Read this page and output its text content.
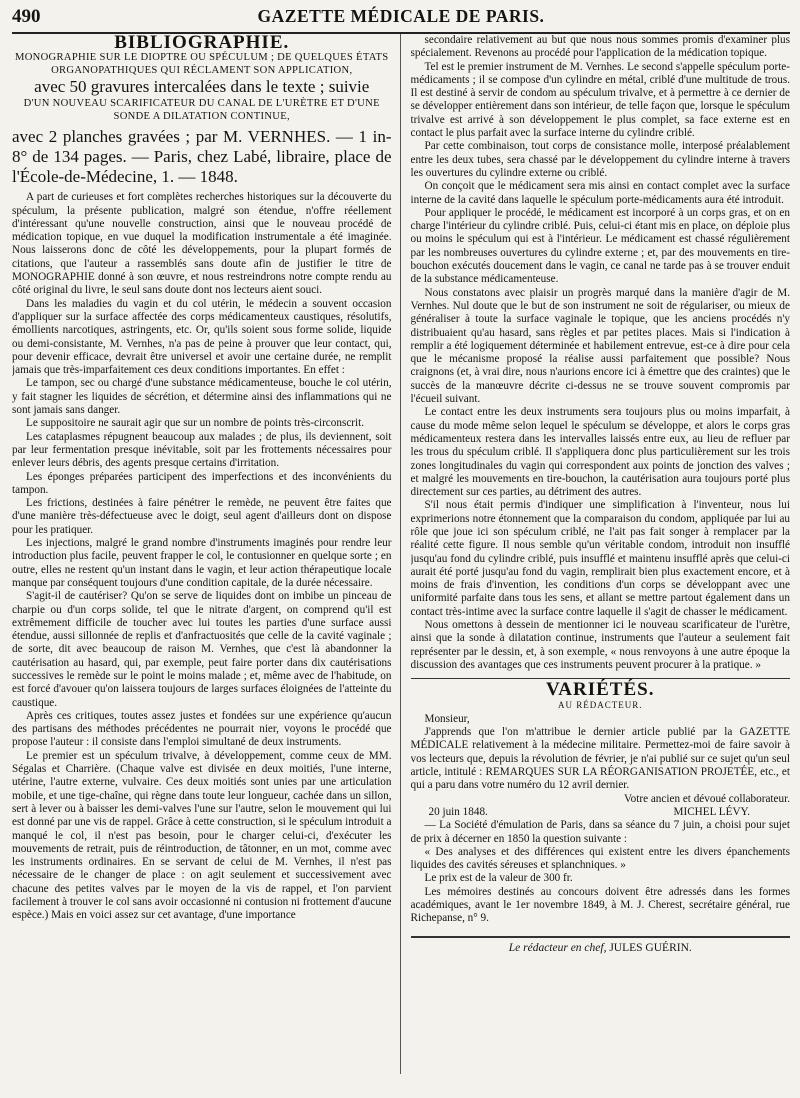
490	GAZETTE MÉDICALE DE PARIS.
BIBLIOGRAPHIE.
MONOGRAPHIE SUR LE DIOPTRE OU SPÉCULUM ; DE QUELQUES ÉTATS ORGANOPATHIQUES QUI RÉCLAMENT SON APPLICATION,
avec 50 gravures intercalées dans le texte ; suivie
D'UN NOUVEAU SCARIFICATEUR DU CANAL DE L'URÈTRE ET D'UNE SONDE A DILATATION CONTINUE,
avec 2 planches gravées ; par M. VERNHES. — 1 in-8° de 134 pages. — Paris, chez Labé, libraire, place de l'École-de-Médecine, 1. — 1848.

A part de curieuses et fort complètes recherches historiques sur la découverte du spéculum, la présente publication, malgré son étendue, n'offre réellement d'intéressant qu'une nouvelle construction, ainsi que le nouveau procédé de médication topique, en vue duquel la modification instrumentale a été imaginée. Nous laisserons donc de côté les développements, pour la plupart formés de citations, que l'auteur a rassemblés sans doute afin de justifier le titre de MONOGRAPHIE donné à son œuvre, et nous restreindrons notre compte rendu au côté original du livre, le seul sans doute dont nos lecteurs aient souci.

Dans les maladies du vagin et du col utérin, le médecin a souvent occasion d'appliquer sur la surface affectée des corps médicamenteux caustiques, résolutifs, émollients narcotiques, astringents, etc. Or, qu'ils soient sous forme solide, liquide ou demi-consistante, M. Vernhes, n'a pas de peine à prouver que leur contact, qui, pour devenir efficace, devrait être universel et avoir une certaine durée, ne remplit jamais que très-imparfaitement ces deux conditions importantes. En effet :

Le tampon, sec ou chargé d'une substance médicamenteuse, bouche le col utérin, y fait stagner les liquides de sécrétion, et détermine ainsi des inflammations qui ne sont jamais sans danger.

Le suppositoire ne saurait agir que sur un nombre de points très-circonscrit.

Les cataplasmes répugnent beaucoup aux malades ; de plus, ils deviennent, soit par leur fermentation presque inévitable, soit par les frottements nécessaires pour enlever leurs débris, des agents presque certains d'irritation.

Les éponges préparées participent des imperfections et des inconvénients du tampon.

Les frictions, destinées à faire pénétrer le remède, ne peuvent être faites que d'une manière très-défectueuse avec le doigt, seul agent d'ailleurs dont on dispose pour les pratiquer.

Les injections, malgré le grand nombre d'instruments imaginés pour rendre leur introduction plus facile, peuvent frapper le col, le contusionner en quelque sorte ; en outre, elles ne restent qu'un instant dans le vagin, et leur action thérapeutique locale manque par conséquent toujours d'une condition capitale, de la durée nécessaire.

S'agit-il de cautériser? Qu'on se serve de liquides dont on imbibe un pinceau de charpie ou d'un corps solide, tel que le nitrate d'argent, on comprend qu'il est extrêmement difficile de toucher avec lui toutes les parties d'une surface aussi étendue, aussi sillonnée de replis et d'anfractuosités que celle de la cavité vaginale ; de sorte, dit avec beaucoup de raison M. Vernhes, que c'est là abandonner la cautérisation au hasard, qui, par exemple, peut faire porter dans dix cautérisations successives le remède sur le point le moins malade ; et, même avec de l'habitude, on est forcé d'avouer qu'on laissera toujours de larges surfaces éloignées de l'atteinte du caustique.

Après ces critiques, toutes assez justes et fondées sur une expérience qu'aucun des partisans des méthodes précédentes ne pourrait nier, voyons le procédé que propose l'auteur : il consiste dans l'emploi simultané de deux instruments.

Le premier est un spéculum trivalve, à développement, comme ceux de MM. Ségalas et Charrière. (Chaque valve est divisée en deux moitiés, l'une interne, utérine, l'autre externe, vulvaire. Ces deux moitiés sont unies par une articulation mobile, et une tige-chaîne, qui règne dans toute leur longueur, cachée dans un sillon, sert à lever ou à baisser les demi-valves l'une sur l'autre, selon le mouvement qui lui est donné par une vis de rappel. Grâce à cette construction, si le spéculum introduit a manqué le col, il n'est pas besoin, pour le charger celui-ci, d'exécuter les mouvements de retrait, puis de réintroduction, de tâtonner, en un mot, comme avec les instruments ordinaires. En se servant de celui de M. Vernhes, il n'est pas nécessaire de le changer de place : on agit seulement et successivement avec chacune des petites valves par le moyen de la vis de rappel, et l'on parvient facilement à trouver le col sans avoir occasionné ni contusion ni frottement d'aucune espèce.) Mais en voici assez sur cet avantage, d'une importance

secondaire relativement au but que nous nous sommes promis d'examiner plus spécialement. Revenons au procédé pour l'application de la médication topique.

Tel est le premier instrument de M. Vernhes. Le second s'appelle spéculum porte-médicaments ; il se compose d'un cylindre en métal, criblé d'une multitude de trous. Il est destiné à servir de condom au spéculum trivalve, et à permettre à ce dernier de se développer entièrement dans son intérieur, de telle façon que, lorsque le spéculum trivalve est arrivé à son développement le plus complet, sa face externe est en contact le plus parfait avec la surface interne du cylindre criblé.

Par cette combinaison, tout corps de consistance molle, interposé préalablement entre les deux tubes, sera chassé par le développement du cylindre interne à travers les ouvertures du cylindre externe ou criblé.

On conçoit que le médicament sera mis ainsi en contact complet avec la surface interne de la cavité dans laquelle le spéculum porte-médicaments aura été introduit.

Pour appliquer le procédé, le médicament est incorporé à un corps gras, et on en charge l'intérieur du cylindre criblé. Puis, celui-ci étant mis en place, on déploie plus ou moins le spéculum qui est à l'intérieur. Le médicament est chassé régulièrement par les nombreuses ouvertures du cylindre externe ; et, par des mouvements en tire-bouchon exécutés doucement dans le vagin, ce canal ne tarde pas à se trouver enduit de la substance médicamenteuse.

Nous constatons avec plaisir un progrès marqué dans la manière d'agir de M. Vernhes. Nul doute que le but de son instrument ne soit de régulariser, ou mieux de généraliser à toute la surface vaginale le topique, que les anciens procédés n'y distribuaient qu'au hasard, sans règles et par petites places. Mais si l'indication à remplir a été logiquement déterminée et habilement entrevue, est-ce à dire pour cela que le mécanisme proposé la réalise aussi parfaitement que possible? Nous craignons (et, à vrai dire, nous n'aurions encore ici à émettre que des craintes) que le succès de la manœuvre décrite ci-dessus ne se trouve souvent compromis par l'écueil suivant.

Le contact entre les deux instruments sera toujours plus ou moins imparfait, à cause du mode même selon lequel le spéculum se développe, et alors le corps gras médicamenteux restera dans les intervalles laissés entre eux, au lieu de refluer par les trous du spéculum criblé. Il s'appliquera donc plus particulièrement sur les trois zones longitudinales du vagin qui correspondent aux points de jonction des valves ; et malgré les mouvements en tire-bouchon, la cautérisation aura toujours porté plus directement sur ces parties, au détriment des autres.

S'il nous était permis d'indiquer une simplification à l'inventeur, nous lui exprimerions notre étonnement que la comparaison du condom, appliquée par lui au rôle que joue ici son spéculum criblé, ne l'ait pas fait songer à remplacer par la réalité cette figure. Il nous semble qu'un véritable condom, introduit non insufflé jusqu'au fond du cylindre criblé, puis insufflé et maintenu insufflé après que celui-ci aurait été porté jusqu'au fond du vagin, remplirait bien plus exactement encore, et à moins de frais d'invention, les conditions d'un corps se développant avec une uniformité parfaite dans tous les sens, et allant se mettre partout également dans un contact très-intime avec la surface contre laquelle il s'agit de chasser le médicament.

Nous omettons à dessein de mentionner ici le nouveau scarificateur de l'urètre, ainsi que la sonde à dilatation continue, instruments que l'auteur a seulement fait représenter par le dessin, et, à son exemple, « nous renvoyons à une autre époque la discussion des avantages que ces instruments peuvent procurer à la pratique. »

VARIÉTÉS.
AU RÉDACTEUR.

Monsieur,

J'apprends que l'on m'attribue le dernier article publié par la GAZETTE MÉDICALE relativement à la médecine militaire. Permettez-moi de faire savoir à vos lecteurs que, depuis la révolution de février, je n'ai publié sur ce sujet qu'un seul article, intitulé : REMARQUES SUR LA RÉORGANISATION PROJETÉE, etc., et qui a paru dans votre numéro du 12 avril dernier.

Votre ancien et dévoué collaborateur.

20 juin 1848.	MICHEL LÉVY.

— La Société d'émulation de Paris, dans sa séance du 7 juin, a choisi pour sujet de prix à décerner en 1850 la question suivante :

« Des analyses et des différences qui existent entre les divers épanchements liquides des cavités séreuses et splanchniques. »

Le prix est de la valeur de 300 fr.

Les mémoires destinés au concours doivent être adressés dans les formes académiques, avant le 1er novembre 1849, à M. J. Cherest, secrétaire général, rue Richepanse, n° 9.

Le rédacteur en chef, JULES GUÉRIN.
